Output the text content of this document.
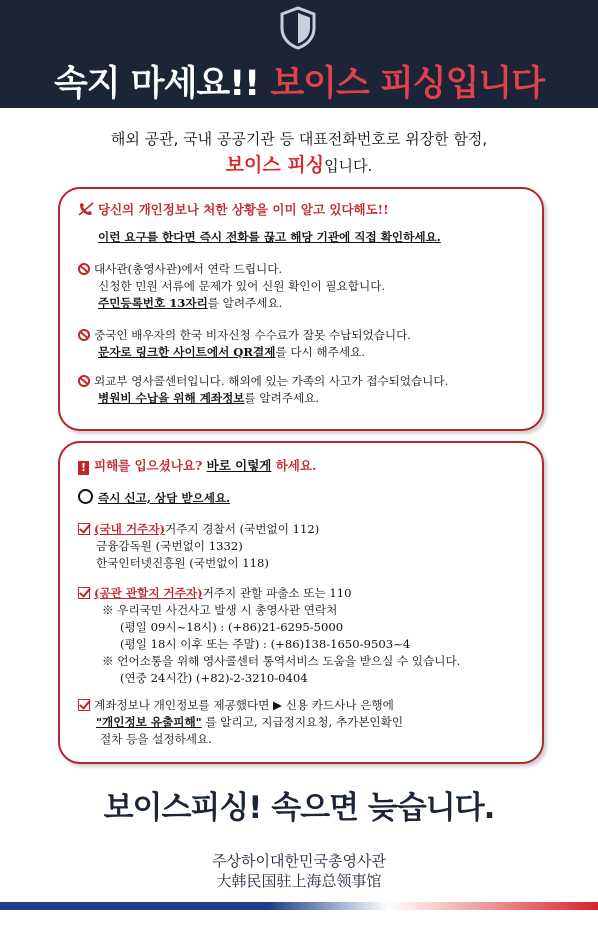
속지 마세요!! 보이스 피싱입니다
해외 공관, 국내 공공기관 등 대표전화번호로 위장한 함정,
보이스 피싱입니다.
당신의 개인정보나 처한 상황을 이미 알고 있다해도!!
이런 요구를 한다면 즉시 전화를 끊고 해당 기관에 직접 확인하세요.
대사관(총영사관)에서 연락 드립니다.
신청한 민원 서류에 문제가 있어 신원 확인이 필요합니다.
주민등록번호 13자리를 알려주세요.
중국인 배우자의 한국 비자신청 수수료가 잘못 수납되었습니다.
문자로 링크한 사이트에서 QR결제를 다시 해주세요.
외교부 영사콜센터입니다. 해외에 있는 가족의 사고가 접수되었습니다.
병원비 수납을 위해 계좌정보를 알려주세요.
! 피해를 입으셨나요? 바로 이렇게 하세요.
즉시 신고, 상담 받으세요.
(국내 거주자)거주지 경찰서 (국번없이 112)
금융감독원 (국번없이 1332)
한국인터넷진흥원 (국번없이 118)
(공관 관할지 거주자)거주지 관할 파출소 또는 110
※ 우리국민 사건사고 발생 시 총영사관 연락처
(평일 09시~18시) : (+86)21-6295-5000
(평일 18시 이후 또는 주말) : (+86)138-1650-9503~4
※ 언어소통을 위해 영사콜센터 통역서비스 도움을 받으실 수 있습니다.
(연중 24시간) (+82)-2-3210-0404
계좌정보나 개인정보를 제공했다면 ▶ 신용 카드사나 은행에
"개인정보 유출피해" 를 알리고, 지급정지요청, 추가본인확인
절차 등을 설정하세요.
보이스피싱! 속으면 늦습니다.
주상하이대한민국총영사관
大韩民国驻上海总领事馆
